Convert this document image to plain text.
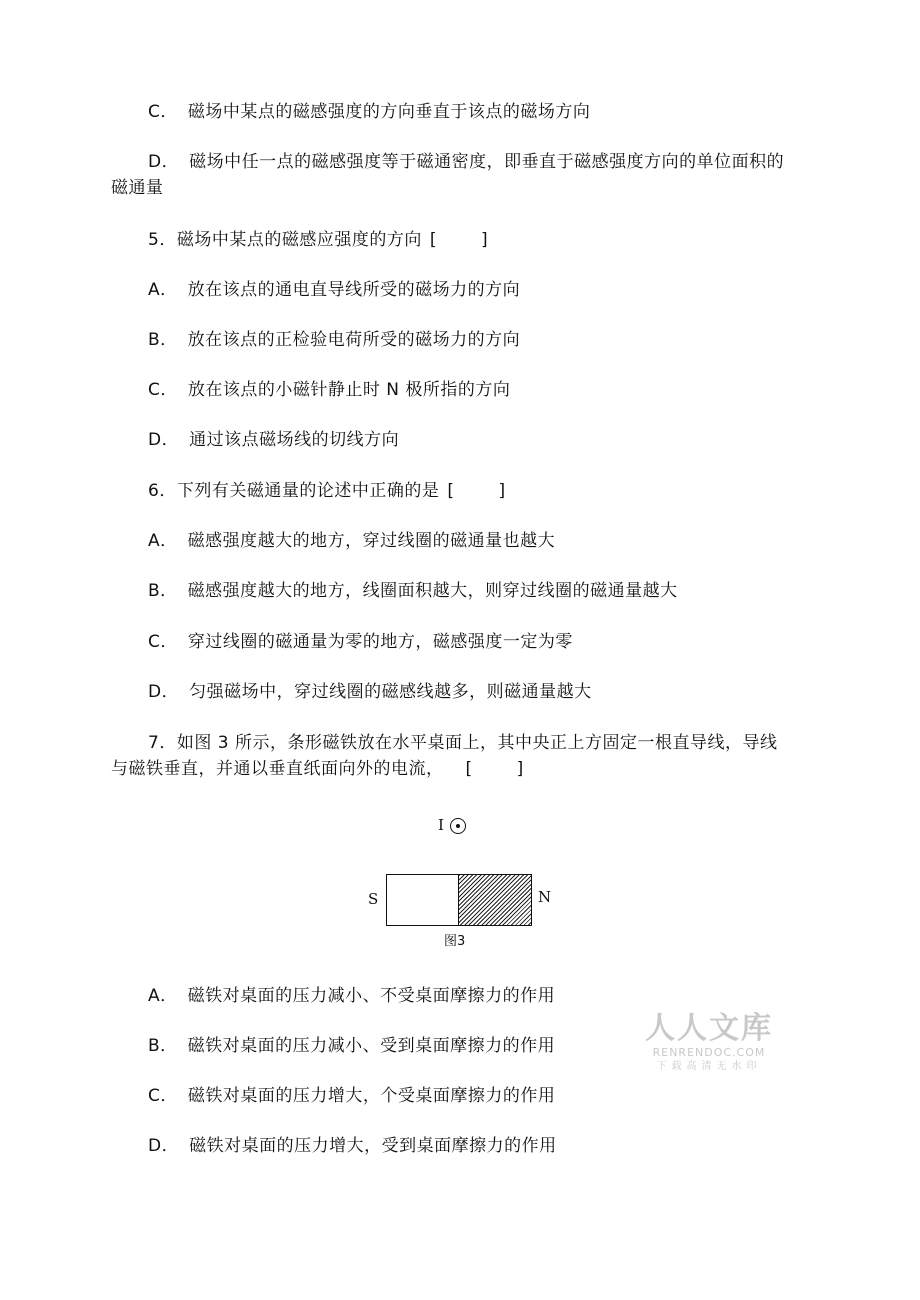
C． 磁场中某点的磁感强度的方向垂直于该点的磁场方向
D． 磁场中任一点的磁感强度等于磁通密度，即垂直于磁感强度方向的单位面积的
磁通量
5．磁场中某点的磁感应强度的方向 [	]
A． 放在该点的通电直导线所受的磁场力的方向
B． 放在该点的正检验电荷所受的磁场力的方向
C． 放在该点的小磁针静止时 N 极所指的方向
D． 通过该点磁场线的切线方向
6．下列有关磁通量的论述中正确的是 [	]
A． 磁感强度越大的地方，穿过线圈的磁通量也越大
B． 磁感强度越大的地方，线圈面积越大，则穿过线圈的磁通量越大
C． 穿过线圈的磁通量为零的地方，磁感强度一定为零
D． 匀强磁场中，穿过线圈的磁感线越多，则磁通量越大
7．如图 3 所示，条形磁铁放在水平桌面上，其中央正上方固定一根直导线，导线
与磁铁垂直，并通以垂直纸面向外的电流， [	]
I
S	N
图3
A． 磁铁对桌面的压力减小、不受桌面摩擦力的作用
B． 磁铁对桌面的压力减小、受到桌面摩擦力的作用
C． 磁铁对桌面的压力增大，个受桌面摩擦力的作用
D． 磁铁对桌面的压力增大，受到桌面摩擦力的作用
人人文库
RENRENDOC.COM
下载高清无水印
